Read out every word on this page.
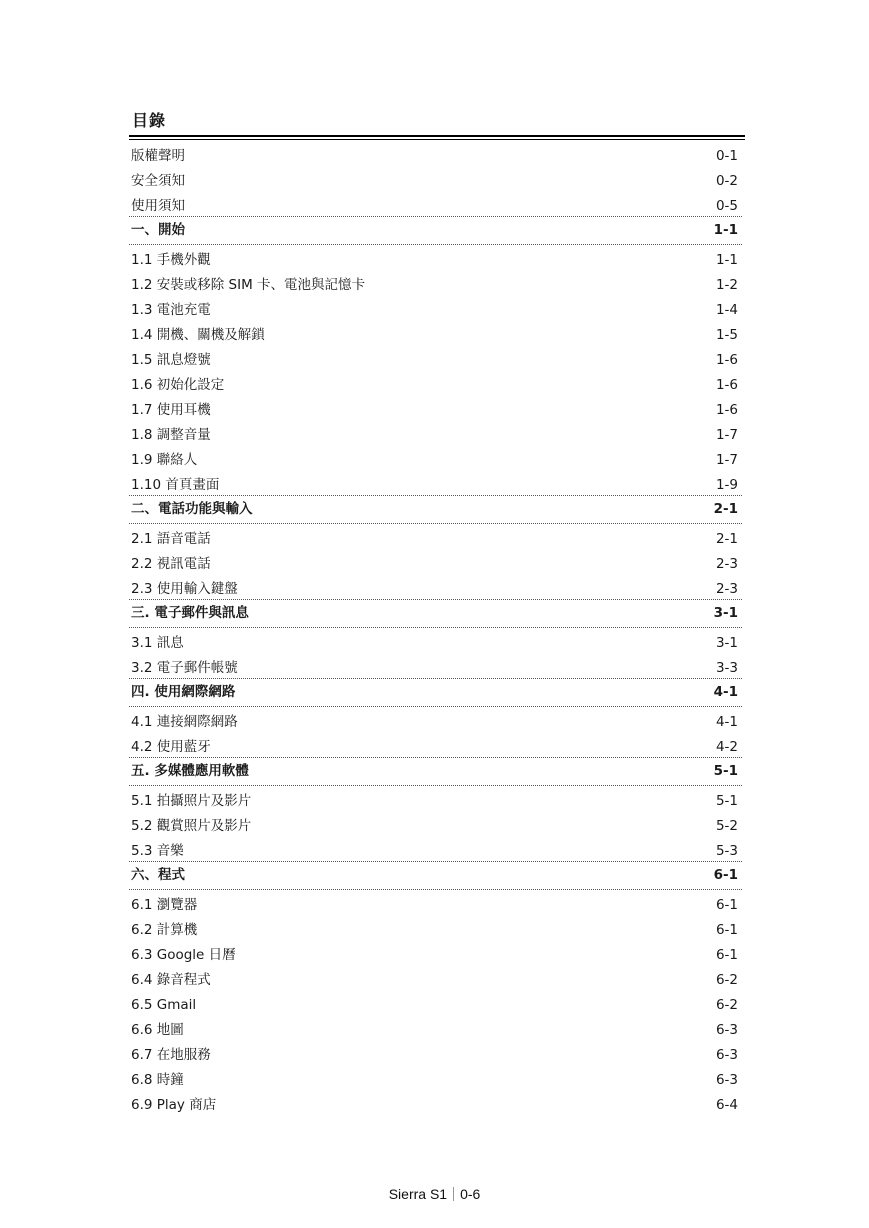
目錄
版權聲明	0-1
安全須知	0-2
使用須知	0-5
一、開始	1-1
1.1 手機外觀	1-1
1.2 安裝或移除 SIM 卡、電池與記憶卡	1-2
1.3 電池充電	1-4
1.4 開機、關機及解鎖	1-5
1.5 訊息燈號	1-6
1.6 初始化設定	1-6
1.7 使用耳機	1-6
1.8 調整音量	1-7
1.9 聯絡人	1-7
1.10 首頁畫面	1-9
二、電話功能與輸入	2-1
2.1 語音電話	2-1
2.2 視訊電話	2-3
2.3 使用輸入鍵盤	2-3
三. 電子郵件與訊息	3-1
3.1 訊息	3-1
3.2 電子郵件帳號	3-3
四. 使用網際網路	4-1
4.1 連接網際網路	4-1
4.2 使用藍牙	4-2
五. 多媒體應用軟體	5-1
5.1 拍攝照片及影片	5-1
5.2 觀賞照片及影片	5-2
5.3 音樂	5-3
六、程式	6-1
6.1 瀏覽器	6-1
6.2 計算機	6-1
6.3 Google 日曆	6-1
6.4 錄音程式	6-2
6.5 Gmail	6-2
6.6 地圖	6-3
6.7 在地服務	6-3
6.8 時鐘	6-3
6.9 Play 商店	6-4
Sierra S1 0-6
